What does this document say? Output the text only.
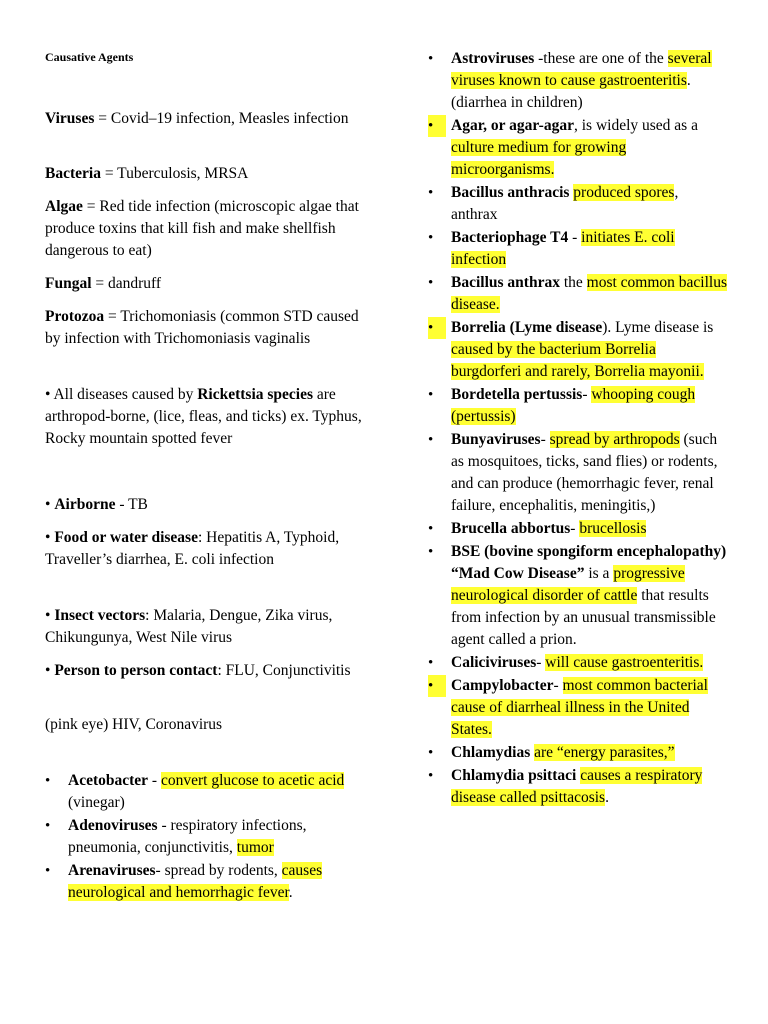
Causative Agents

Viruses = Covid–19 infection, Measles infection

Bacteria = Tuberculosis, MRSA

Algae = Red tide infection (microscopic algae that produce toxins that kill fish and make shellfish dangerous to eat)

Fungal = dandruff

Protozoa = Trichomoniasis (common STD caused by infection with Trichomoniasis vaginalis

• All diseases caused by Rickettsia species are arthropod-borne, (lice, fleas, and ticks) ex. Typhus, Rocky mountain spotted fever

• Airborne - TB

• Food or water disease: Hepatitis A, Typhoid, Traveller’s diarrhea, E. coli infection

• Insect vectors: Malaria, Dengue, Zika virus, Chikungunya, West Nile virus

• Person to person contact: FLU, Conjunctivitis

(pink eye) HIV, Coronavirus

•	Acetobacter - convert glucose to acetic acid (vinegar)
•	Adenoviruses - respiratory infections, pneumonia, conjunctivitis, tumor
•	Arenaviruses- spread by rodents, causes neurological and hemorrhagic fever.
•	Astroviruses -these are one of the several viruses known to cause gastroenteritis. (diarrhea in children)
•	Agar, or agar-agar, is widely used as a culture medium for growing microorganisms.
•	Bacillus anthracis produced spores, anthrax
•	Bacteriophage T4 - initiates E. coli infection
•	Bacillus anthrax the most common bacillus disease.
•	Borrelia (Lyme disease). Lyme disease is caused by the bacterium Borrelia burgdorferi and rarely, Borrelia mayonii.
•	Bordetella pertussis- whooping cough (pertussis)
•	Bunyaviruses- spread by arthropods (such as mosquitoes, ticks, sand flies) or rodents, and can produce (hemorrhagic fever, renal failure, encephalitis, meningitis,)
•	Brucella abbortus- brucellosis
•	BSE (bovine spongiform encephalopathy) “Mad Cow Disease” is a progressive neurological disorder of cattle that results from infection by an unusual transmissible agent called a prion.
•	Caliciviruses- will cause gastroenteritis.
•	Campylobacter- most common bacterial cause of diarrheal illness in the United States.
•	Chlamydias are “energy parasites,”
•	Chlamydia psittaci causes a respiratory disease called psittacosis.
